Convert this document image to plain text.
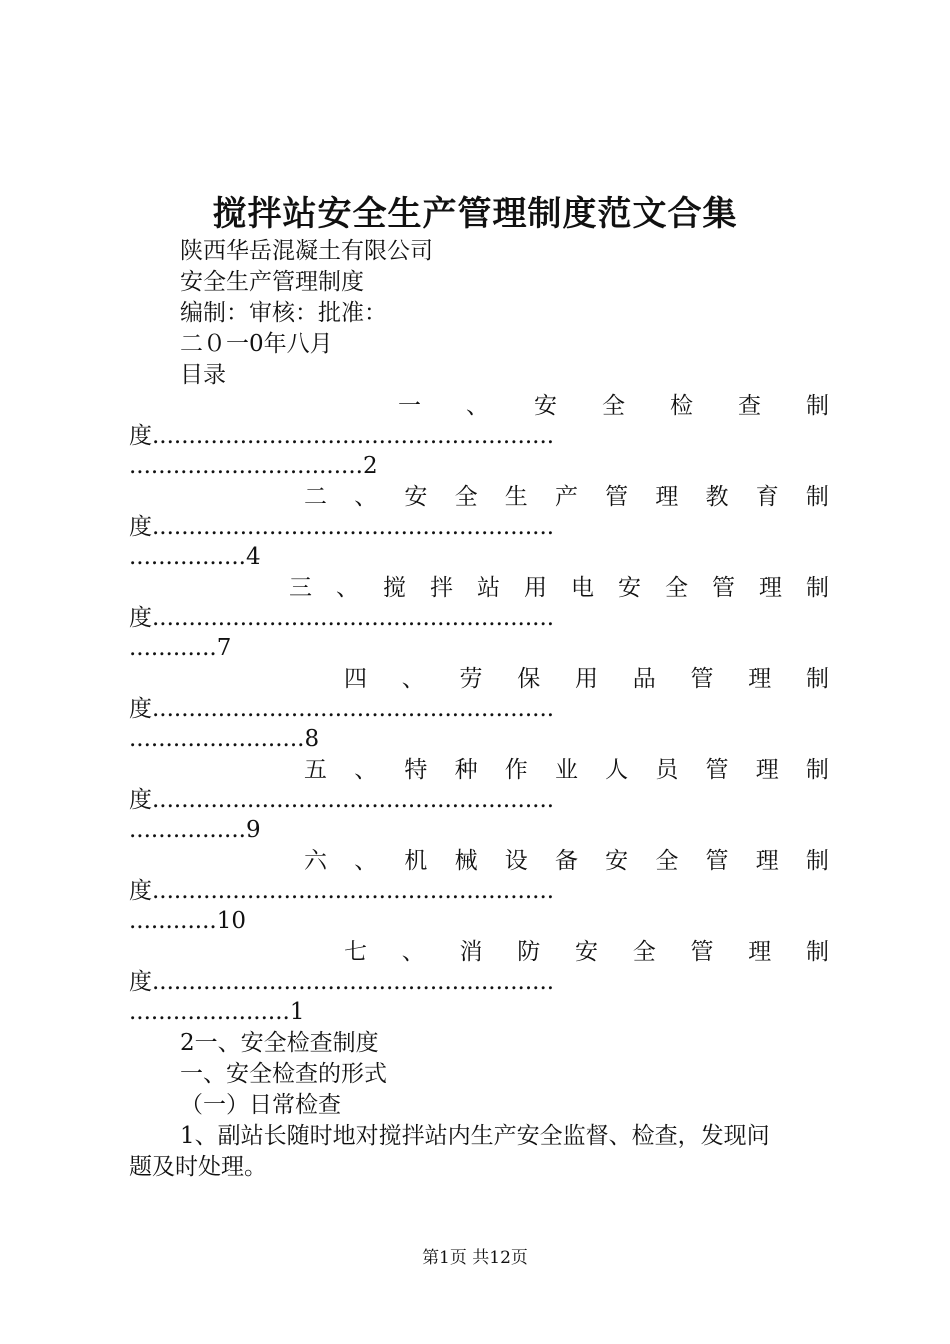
搅拌站安全生产管理制度范文合集
陕西华岳混凝土有限公司
安全生产管理制度
编制：审核：批准：
二０一0年八月
目录
一 、 安 全 检 查 制
度.......................................................
................................2
二 、 安 全 生 产 管 理 教 育 制
度.......................................................
................4
三 、 搅 拌 站 用 电 安 全 管 理 制
度.......................................................
............7
四 、 劳 保 用 品 管 理 制
度.......................................................
........................8
五 、 特 种 作 业 人 员 管 理 制
度.......................................................
................9
六 、 机 械 设 备 安 全 管 理 制
度.......................................................
............10
七 、 消 防 安 全 管 理 制
度.......................................................
......................1
2一、安全检查制度
一、安全检查的形式
（一）日常检查
1、副站长随时地对搅拌站内生产安全监督、检查，发现问
题及时处理。
第1页 共12页
